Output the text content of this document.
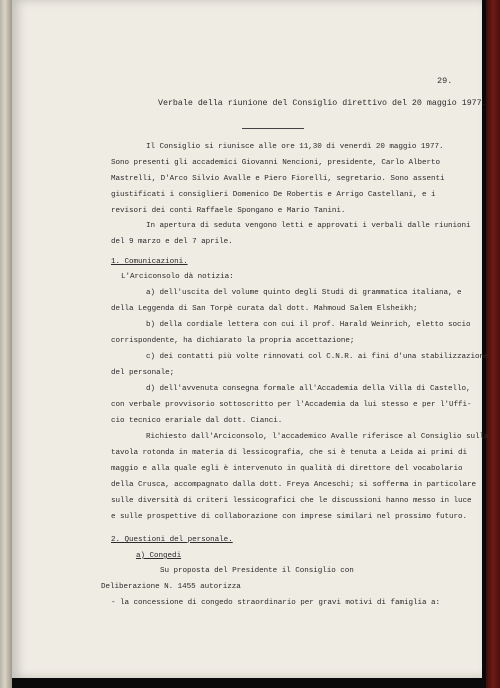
29.
Verbale della riunione del Consiglio direttivo del 20 maggio 1977.
Il Consiglio si riunisce alle ore 11,30 di venerdì 20 maggio 1977.
Sono presenti gli accademici Giovanni Nencioni, presidente, Carlo Alberto
Mastrelli, D'Arco Silvio Avalle e Piero Fiorelli, segretario. Sono assenti
giustificati i consiglieri Domenico De Robertis e Arrigo Castellani, e i
revisori dei conti Raffaele Spongano e Mario Tanini.
In apertura di seduta vengono letti e approvati i verbali dalle riunioni
del 9 marzo e del 7 aprile.
1. Comunicazioni.
L'Arciconsolo dà notizia:
a) dell'uscita del volume quinto degli Studi di grammatica italiana, e
della Leggenda di San Torpè curata dal dott. Mahmoud Salem Elsheikh;
b) della cordiale lettera con cui il prof. Harald Weinrich, eletto socio
corrispondente, ha dichiarato la propria accettazione;
c) dei contatti più volte rinnovati col C.N.R. ai fini d'una stabilizzazione
del personale;
d) dell'avvenuta consegna formale all'Accademia della Villa di Castello,
con verbale provvisorio sottoscritto per l'Accademia da lui stesso e per l'Uffi-
cio tecnico erariale dal dott. Cianci.
Richiesto dall'Arciconsolo, l'accademico Avalle riferisce al Consiglio sulla
tavola rotonda in materia di lessicografia, che si è tenuta a Leida ai primi di
maggio e alla quale egli è intervenuto in qualità di direttore del vocabolario
della Crusca, accompagnato dalla dott. Freya Anceschi; si sofferma in particolare
sulle diversità di criteri lessicografici che le discussioni hanno messo in luce
e sulle prospettive di collaborazione con imprese similari nel prossimo futuro.
2. Questioni del personale.
a) Congedi
Su proposta del Presidente il Consiglio con
Deliberazione N. 1455 autorizza
- la concessione di congedo straordinario per gravi motivi di famiglia a:
